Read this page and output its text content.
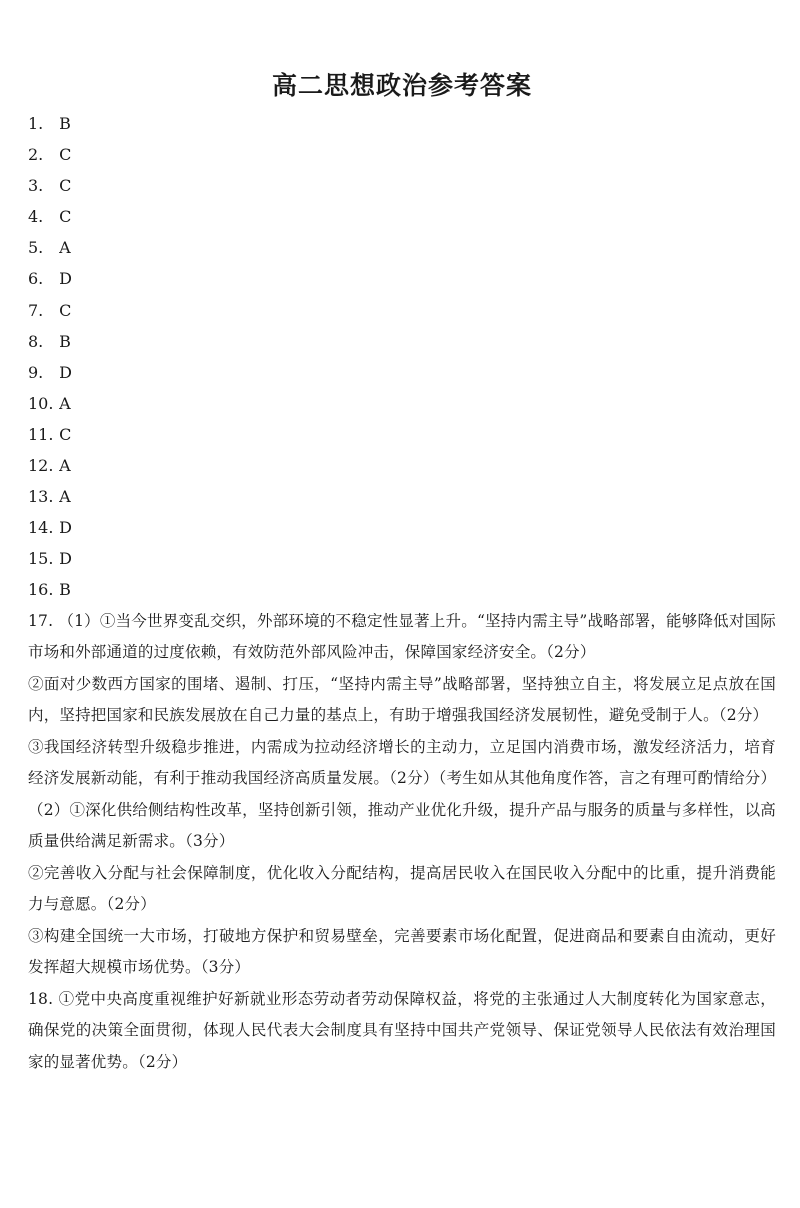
高二思想政治参考答案
1. B
2. C
3. C
4. C
5. A
6. D
7. C
8. B
9. D
10. A
11. C
12. A
13. A
14. D
15. D
16. B

17. （1）①当今世界变乱交织，外部环境的不稳定性显著上升。“坚持内需主导”战略部署，能够降低对国际市场和外部通道的过度依赖，有效防范外部风险冲击，保障国家经济安全。（2分）

②面对少数西方国家的围堵、遏制、打压，“坚持内需主导”战略部署，坚持独立自主，将发展立足点放在国内，坚持把国家和民族发展放在自己力量的基点上，有助于增强我国经济发展韧性，避免受制于人。（2分）

③我国经济转型升级稳步推进，内需成为拉动经济增长的主动力，立足国内消费市场，激发经济活力，培育经济发展新动能，有利于推动我国经济高质量发展。（2分）（考生如从其他角度作答，言之有理可酌情给分）

（2）①深化供给侧结构性改革，坚持创新引领，推动产业优化升级，提升产品与服务的质量与多样性，以高质量供给满足新需求。（3分）

②完善收入分配与社会保障制度，优化收入分配结构，提高居民收入在国民收入分配中的比重，提升消费能力与意愿。（2分）

③构建全国统一大市场，打破地方保护和贸易壁垒，完善要素市场化配置，促进商品和要素自由流动，更好发挥超大规模市场优势。（3分）

18. ①党中央高度重视维护好新就业形态劳动者劳动保障权益，将党的主张通过人大制度转化为国家意志，确保党的决策全面贯彻，体现人民代表大会制度具有坚持中国共产党领导、保证党领导人民依法有效治理国家的显著优势。（2分）
